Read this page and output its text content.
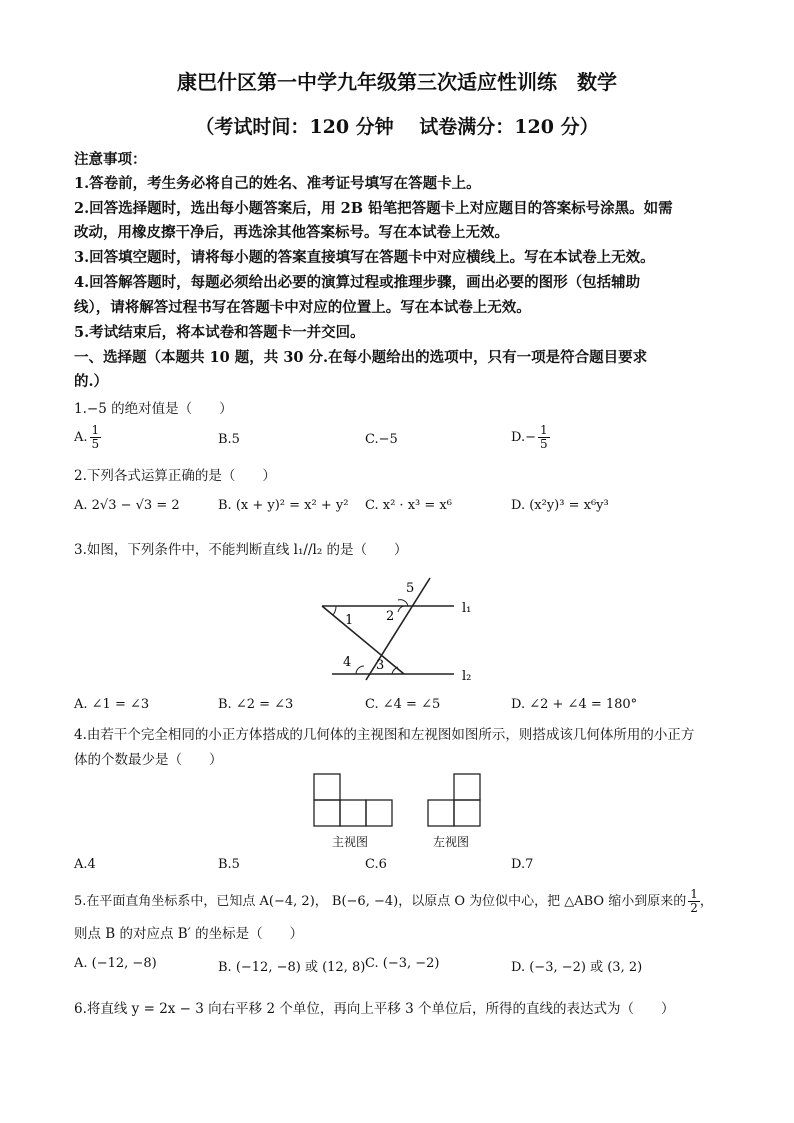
康巴什区第一中学九年级第三次适应性训练　数学
（考试时间：120 分钟　 试卷满分：120 分）
注意事项：
1.答卷前，考生务必将自己的姓名、准考证号填写在答题卡上。
2.回答选择题时，选出每小题答案后，用 2B 铅笔把答题卡上对应题目的答案标号涂黑。如需
改动，用橡皮擦干净后，再选涂其他答案标号。写在本试卷上无效。
3.回答填空题时，请将每小题的答案直接填写在答题卡中对应横线上。写在本试卷上无效。
4.回答解答题时，每题必须给出必要的演算过程或推理步骤，画出必要的图形（包括辅助
线），请将解答过程书写在答题卡中对应的位置上。写在本试卷上无效。
5.考试结束后，将本试卷和答题卡一并交回。
一、选择题（本题共 10 题，共 30 分.在每小题给出的选项中，只有一项是符合题目要求
的.）
1.−5 的绝对值是（　　）
A. $\frac{1}{5}$	B.5	C.−5	$D.- \frac{1}{5}$
2.下列各式运算正确的是（　　）
A. 2√3 − √3 = 2	B. (x + y)² = x² + y² C. x² · x³ = x⁶	D. (x²y)³ = x⁶y³
3.如图，下列条件中，不能判断直线 l₁//l₂ 的是（　　）
1	2
3
4
5
l₁
l₂
A. ∠1 = ∠3	B. ∠2 = ∠3	C. ∠4 = ∠5	D. ∠2 + ∠4 = 180°
4.由若干个完全相同的小正方体搭成的几何体的主视图和左视图如图所示，则搭成该几何体所用的小正方
体的个数最少是（　　）
主视图	左视图
A.4	B.5	C.6	D.7
5.在平面直角坐标系中，已知点 A(−4, 2)， B(−6, −4)，以原点 O 为位似中心，把 △ABO 缩小到原来的 $\frac{1}{2}$ ，
则点 B 的对应点 B′ 的坐标是（　　）
A. (−12, −8)	B. (−12, −8) 或 (12, 8) C. (−3, −2)	D. (−3, −2) 或 (3, 2)
6.将直线 y = 2x − 3 向右平移 2 个单位，再向上平移 3 个单位后，所得的直线的表达式为（　　）
